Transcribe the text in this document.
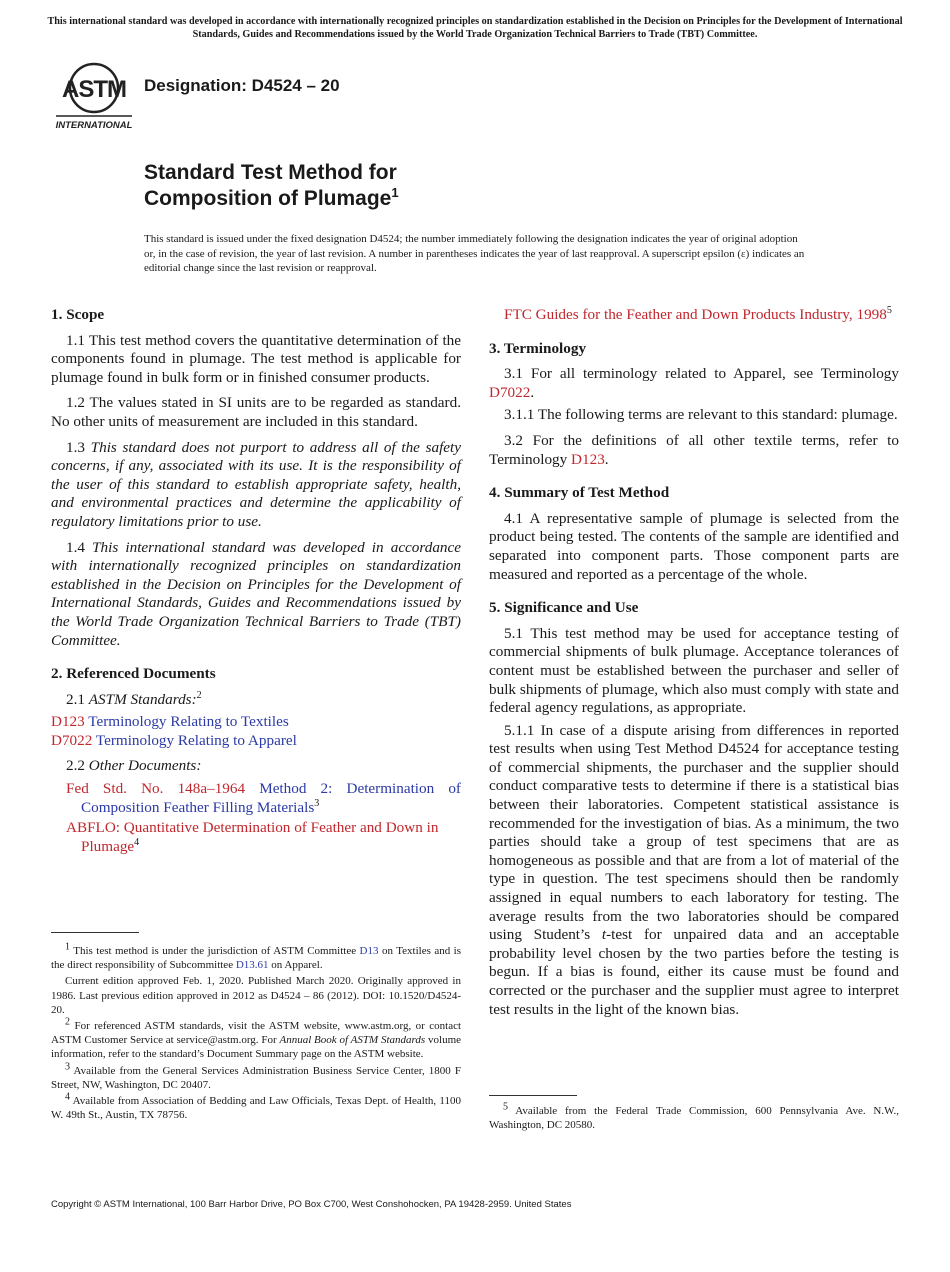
This international standard was developed in accordance with internationally recognized principles on standardization established in the Decision on Principles for the Development of International Standards, Guides and Recommendations issued by the World Trade Organization Technical Barriers to Trade (TBT) Committee.
ASTM
INTERNATIONAL
Designation: D4524 – 20
Standard Test Method for
Composition of Plumage$^1$
This standard is issued under the fixed designation D4524; the number immediately following the designation indicates the year of original adoption or, in the case of revision, the year of last revision. A number in parentheses indicates the year of last reapproval. A superscript epsilon (ε) indicates an editorial change since the last revision or reapproval.
1. Scope

1.1 This test method covers the quantitative determination of the components found in plumage. The test method is applicable for plumage found in bulk form or in finished consumer products.

1.2 The values stated in SI units are to be regarded as standard. No other units of measurement are included in this standard.

1.3 This standard does not purport to address all of the safety concerns, if any, associated with its use. It is the responsibility of the user of this standard to establish appropriate safety, health, and environmental practices and determine the applicability of regulatory limitations prior to use.

1.4 This international standard was developed in accordance with internationally recognized principles on standardization established in the Decision on Principles for the Development of International Standards, Guides and Recommendations issued by the World Trade Organization Technical Barriers to Trade (TBT) Committee.

2. Referenced Documents

2.1 ASTM Standards:$^2$

D123 Terminology Relating to Textiles
D7022 Terminology Relating to Apparel

2.2 Other Documents:

Fed Std. No. 148a–1964 Method 2: Determination of Composition Feather Filling Materials$^3$
ABFLO: Quantitative Determination of Feather and Down in Plumage$^4$

$^1$ This test method is under the jurisdiction of ASTM Committee D13 on Textiles and is the direct responsibility of Subcommittee D13.61 on Apparel.

Current edition approved Feb. 1, 2020. Published March 2020. Originally approved in 1986. Last previous edition approved in 2012 as D4524 – 86 (2012). DOI: 10.1520/D4524-20.

$^2$ For referenced ASTM standards, visit the ASTM website, www.astm.org, or contact ASTM Customer Service at service@astm.org. For Annual Book of ASTM Standards volume information, refer to the standard’s Document Summary page on the ASTM website.

$^3$ Available from the General Services Administration Business Service Center, 1800 F Street, NW, Washington, DC 20407.

$^4$ Available from Association of Bedding and Law Officials, Texas Dept. of Health, 1100 W. 49th St., Austin, TX 78756.

FTC Guides for the Feather and Down Products Industry, 1998$^5$
3. Terminology

3.1 For all terminology related to Apparel, see Terminology D7022.

3.1.1 The following terms are relevant to this standard: plumage.

3.2 For the definitions of all other textile terms, refer to Terminology D123.

4. Summary of Test Method

4.1 A representative sample of plumage is selected from the product being tested. The contents of the sample are identified and separated into component parts. Those component parts are measured and reported as a percentage of the whole.

5. Significance and Use

5.1 This test method may be used for acceptance testing of commercial shipments of bulk plumage. Acceptance tolerances of content must be established between the purchaser and seller of bulk shipments of plumage, which also must comply with state and federal agency regulations, as appropriate.

5.1.1 In case of a dispute arising from differences in reported test results when using Test Method D4524 for acceptance testing of commercial shipments, the purchaser and the supplier should conduct comparative tests to determine if there is a statistical bias between their laboratories. Competent statistical assistance is recommended for the investigation of bias. As a minimum, the two parties should take a group of test specimens that are as homogeneous as possible and that are from a lot of material of the type in question. The test specimens should then be randomly assigned in equal numbers to each laboratory for testing. The average results from the two laboratories should be compared using Student’s t-test for unpaired data and an acceptable probability level chosen by the two parties before the testing is begun. If a bias is found, either its cause must be found and corrected or the purchaser and the supplier must agree to interpret test results in the light of the known bias.

$^5$ Available from the Federal Trade Commission, 600 Pennsylvania Ave. N.W., Washington, DC 20580.

Copyright © ASTM International, 100 Barr Harbor Drive, PO Box C700, West Conshohocken, PA 19428-2959. United States
